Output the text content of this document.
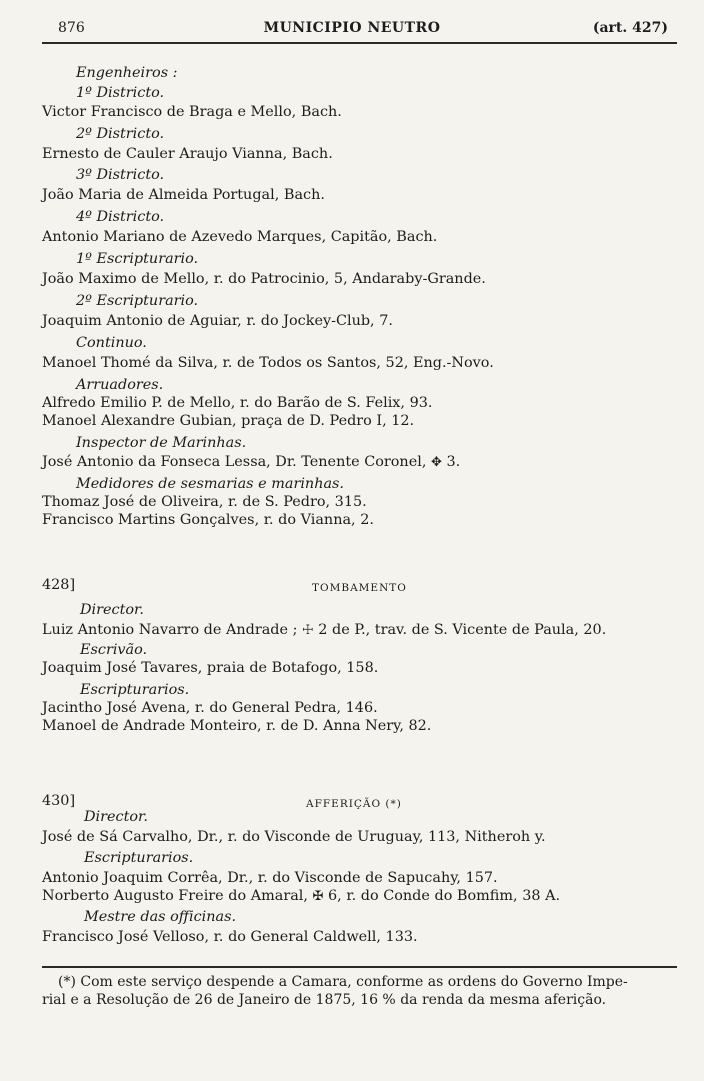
876	MUNICIPIO NEUTRO	(art. 427)
Engenheiros :
1º Districto.
Victor Francisco de Braga e Mello, Bach.
2º Districto.
Ernesto de Cauler Araujo Vianna, Bach.
3º Districto.
João Maria de Almeida Portugal, Bach.
4º Districto.
Antonio Mariano de Azevedo Marques, Capitão, Bach.
1º Escripturario.
João Maximo de Mello, r. do Patrocinio, 5, Andaraby-Grande.
2º Escripturario.
Joaquim Antonio de Aguiar, r. do Jockey-Club, 7.
Continuo.
Manoel Thomé da Silva, r. de Todos os Santos, 52, Eng.-Novo.
Arruadores.
Alfredo Emilio P. de Mello, r. do Barão de S. Felix, 93.
Manoel Alexandre Gubian, praça de D. Pedro I, 12.
Inspector de Marinhas.
José Antonio da Fonseca Lessa, Dr. Tenente Coronel, ✥ 3.
Medidores de sesmarias e marinhas.
Thomaz José de Oliveira, r. de S. Pedro, 315.
Francisco Martins Gonçalves, r. do Vianna, 2.
428]	TOMBAMENTO
Director.
Luiz Antonio Navarro de Andrade ; ☩ 2 de P., trav. de S. Vicente de Paula, 20.
Escrivão.
Joaquim José Tavares, praia de Botafogo, 158.
Escripturarios.
Jacintho José Avena, r. do General Pedra, 146.
Manoel de Andrade Monteiro, r. de D. Anna Nery, 82.
430]	AFFERIÇÃO (*)
Director.
José de Sá Carvalho, Dr., r. do Visconde de Uruguay, 113, Nitheroh y.
Escripturarios.
Antonio Joaquim Corrêa, Dr., r. do Visconde de Sapucahy, 157.
Norberto Augusto Freire do Amaral, ✠ 6, r. do Conde do Bomfim, 38 A.
Mestre das officinas.
Francisco José Velloso, r. do General Caldwell, 133.
(*) Com este serviço despende a Camara, conforme as ordens do Governo Impe-
rial e a Resolução de 26 de Janeiro de 1875, 16 % da renda da mesma aferição.
